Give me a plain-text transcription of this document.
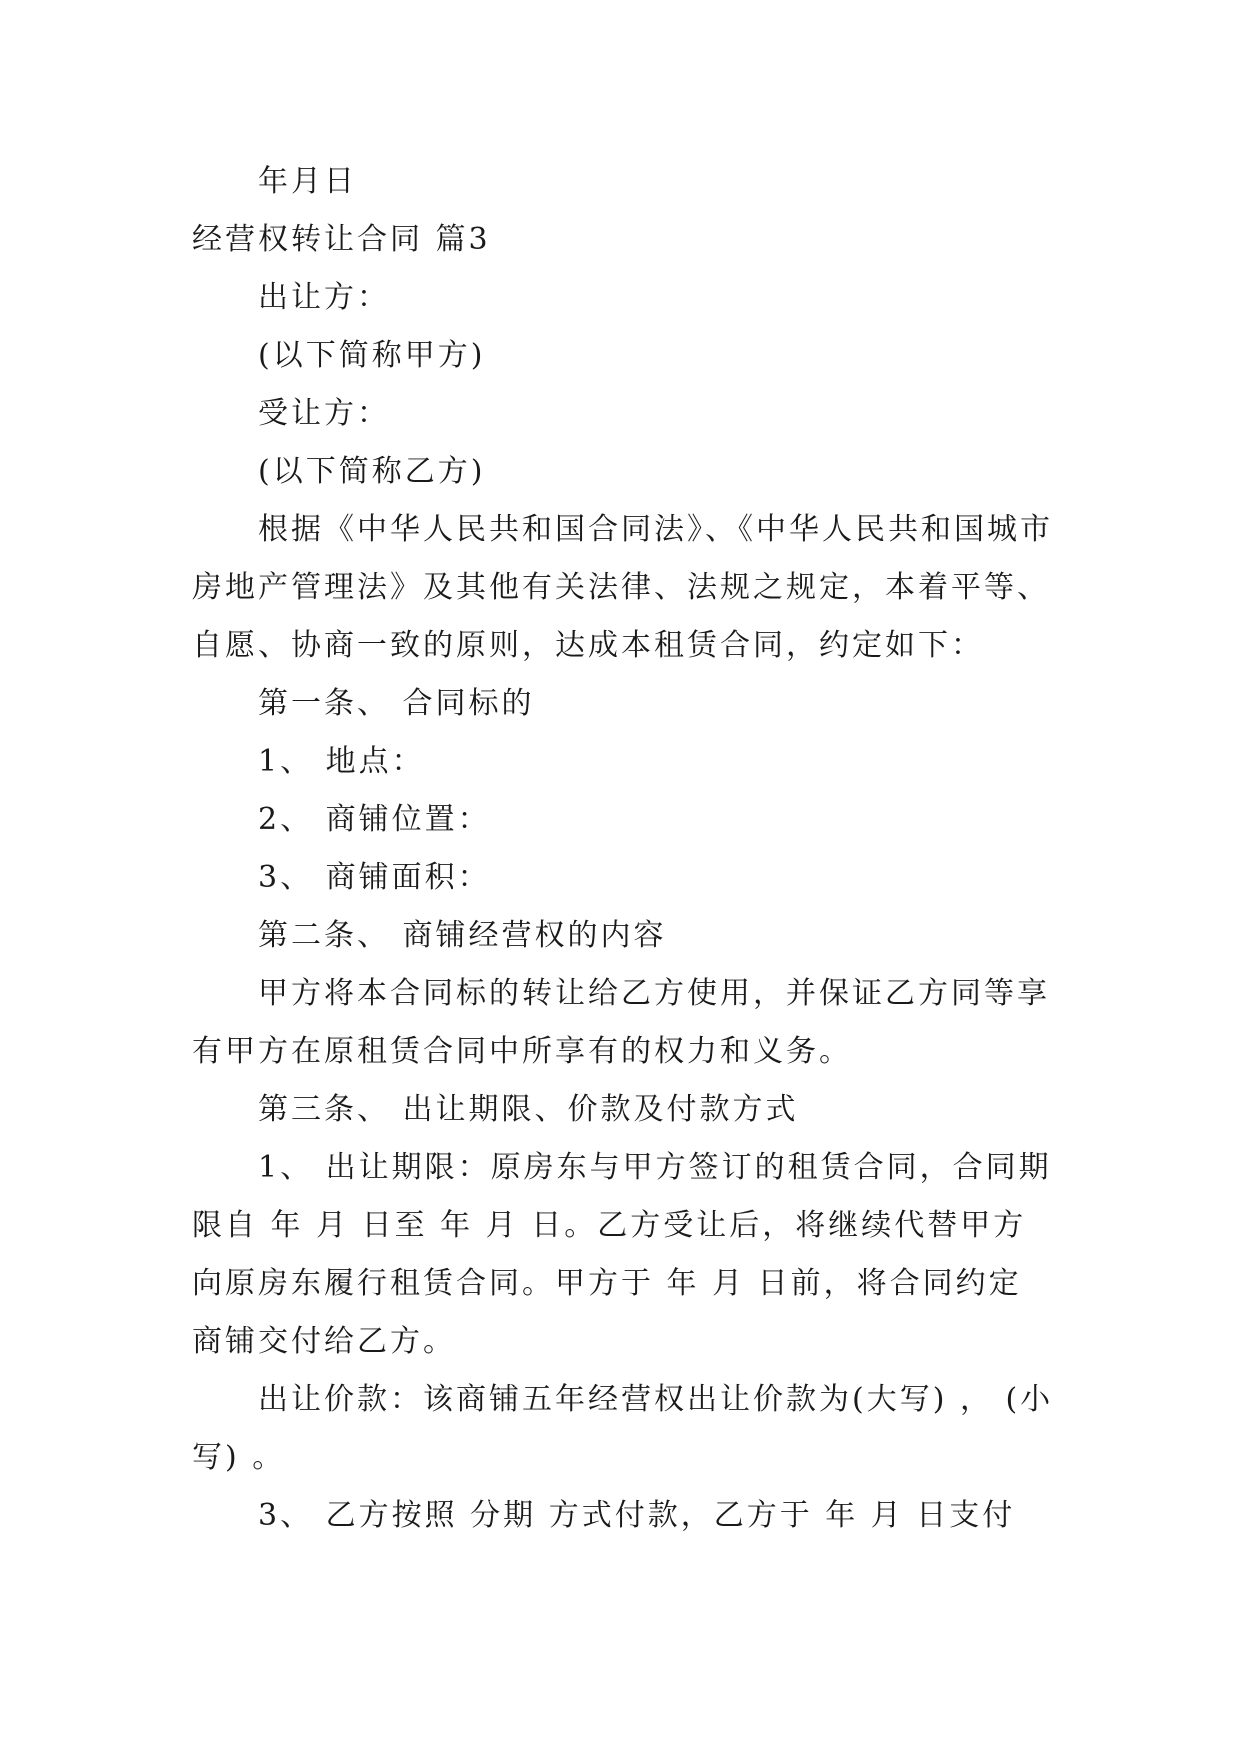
年月日
经营权转让合同 篇3
出让方：
(以下简称甲方)
受让方：
(以下简称乙方)
根据《中华人民共和国合同法》、《中华人民共和国城市
房地产管理法》及其他有关法律、法规之规定，本着平等、
自愿、协商一致的原则，达成本租赁合同，约定如下：
第一条、 合同标的
1、 地点：
2、 商铺位置：
3、 商铺面积：
第二条、 商铺经营权的内容
甲方将本合同标的转让给乙方使用，并保证乙方同等享
有甲方在原租赁合同中所享有的权力和义务。
第三条、 出让期限、价款及付款方式
1、 出让期限：原房东与甲方签订的租赁合同，合同期
限自 年 月 日至 年 月 日。乙方受让后，将继续代替甲方
向原房东履行租赁合同。甲方于 年 月 日前，将合同约定
商铺交付给乙方。
出让价款：该商铺五年经营权出让价款为(大写) ， (小
写) 。
3、 乙方按照 分期 方式付款，乙方于 年 月 日支付
